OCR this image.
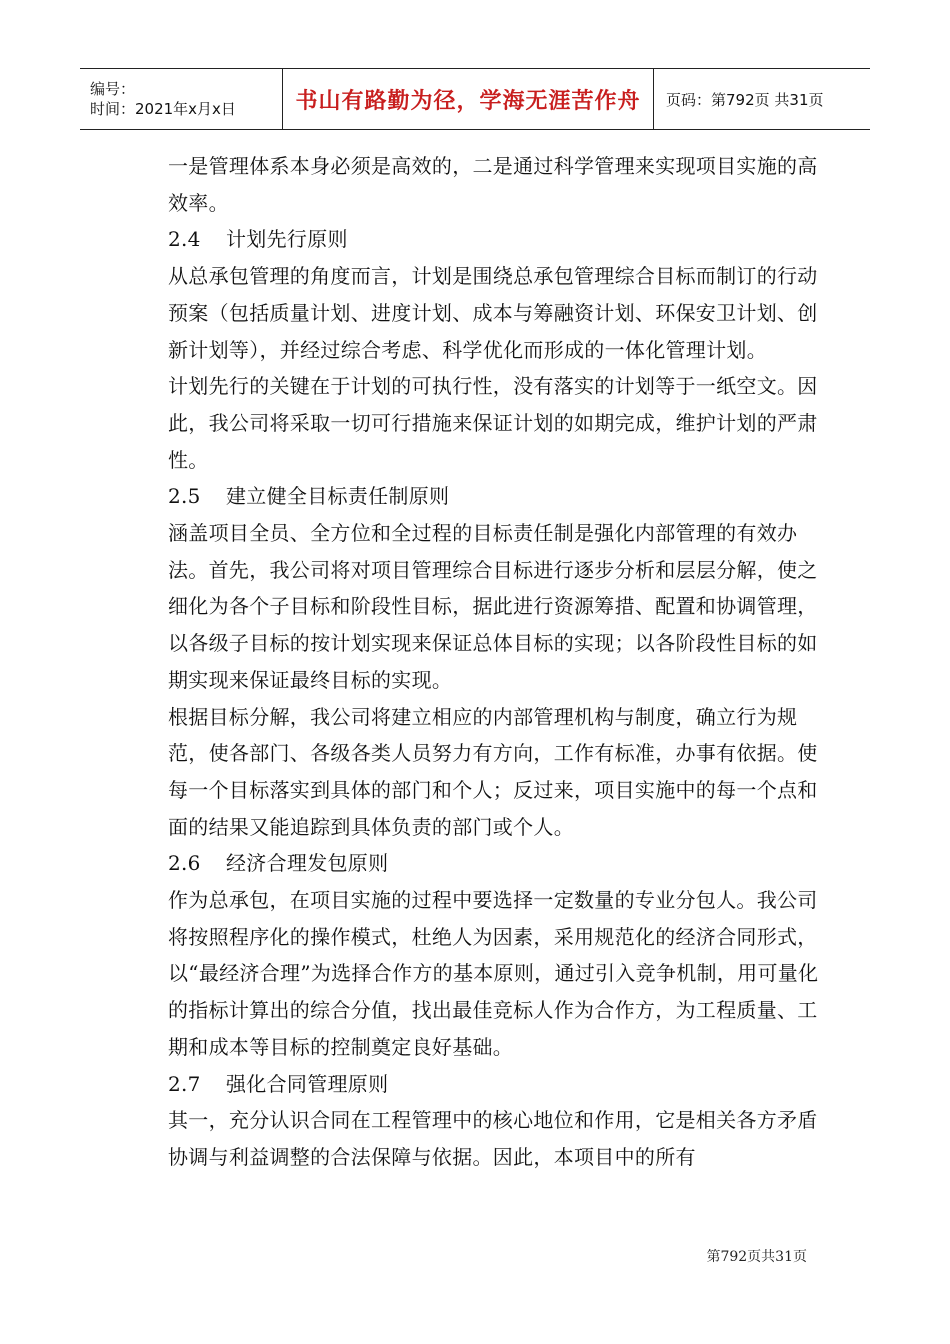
编号：
时间：2021年x月x日	书山有路勤为径，学海无涯苦作舟 页码：第792页 共31页

一是管理体系本身必须是高效的，二是通过科学管理来实现项目实施的高效率。

2.4 计划先行原则

从总承包管理的角度而言，计划是围绕总承包管理综合目标而制订的行动预案（包括质量计划、进度计划、成本与筹融资计划、环保安卫计划、创新计划等），并经过综合考虑、科学优化而形成的一体化管理计划。

计划先行的关键在于计划的可执行性，没有落实的计划等于一纸空文。因此，我公司将采取一切可行措施来保证计划的如期完成，维护计划的严肃性。

2.5 建立健全目标责任制原则

涵盖项目全员、全方位和全过程的目标责任制是强化内部管理的有效办法。首先，我公司将对项目管理综合目标进行逐步分析和层层分解，使之细化为各个子目标和阶段性目标，据此进行资源筹措、配置和协调管理，以各级子目标的按计划实现来保证总体目标的实现；以各阶段性目标的如期实现来保证最终目标的实现。

根据目标分解，我公司将建立相应的内部管理机构与制度，确立行为规范，使各部门、各级各类人员努力有方向，工作有标准，办事有依据。使每一个目标落实到具体的部门和个人；反过来，项目实施中的每一个点和面的结果又能追踪到具体负责的部门或个人。

2.6 经济合理发包原则

作为总承包，在项目实施的过程中要选择一定数量的专业分包人。我公司将按照程序化的操作模式，杜绝人为因素，采用规范化的经济合同形式，以“最经济合理”为选择合作方的基本原则，通过引入竞争机制，用可量化的指标计算出的综合分值，找出最佳竞标人作为合作方，为工程质量、工期和成本等目标的控制奠定良好基础。

2.7 强化合同管理原则

其一，充分认识合同在工程管理中的核心地位和作用，它是相关各方矛盾协调与利益调整的合法保障与依据。因此，本项目中的所有

第792页共31页
